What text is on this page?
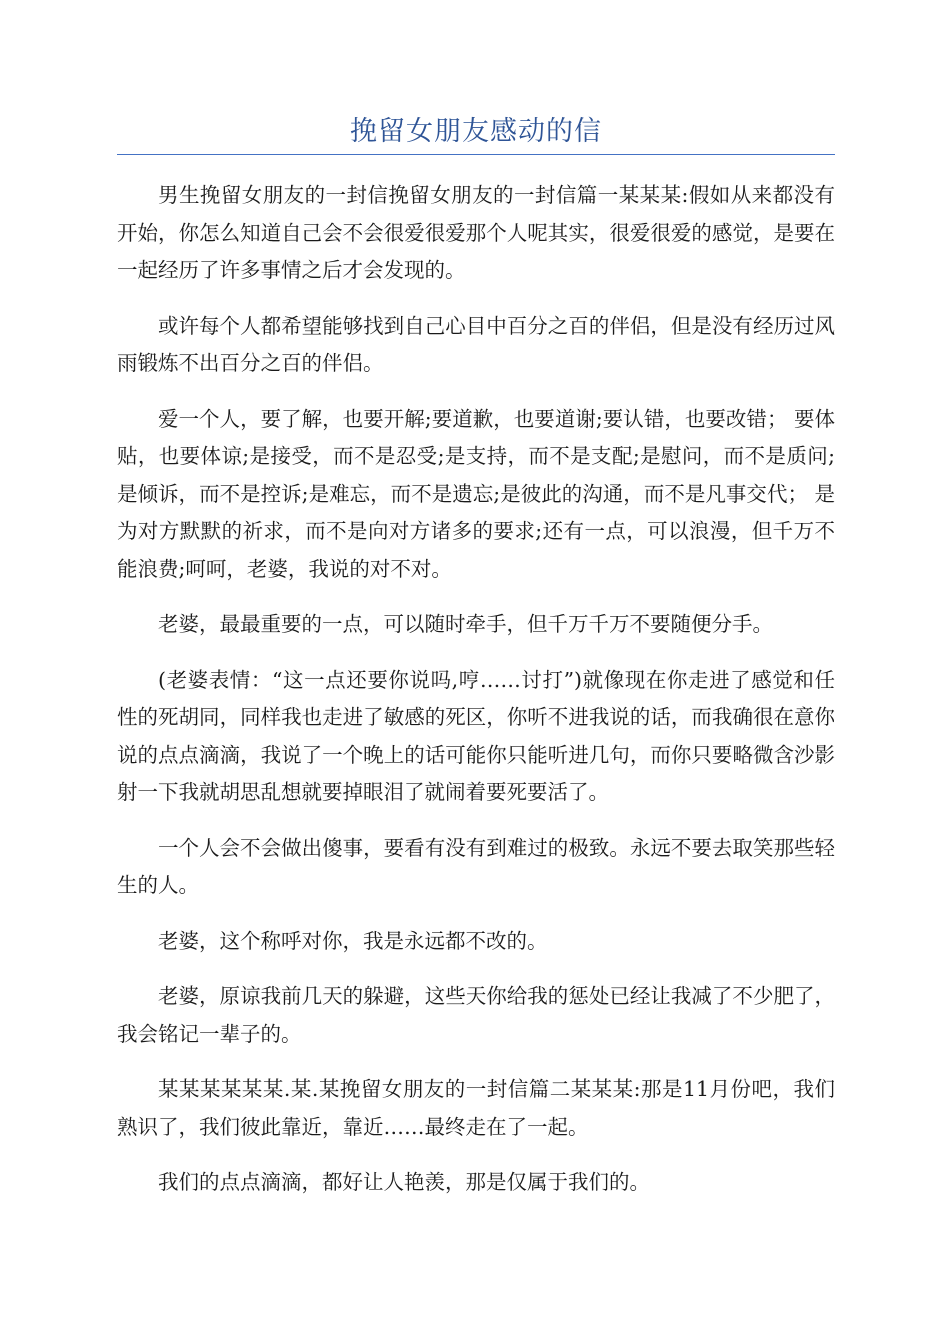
挽留女朋友感动的信

男生挽留女朋友的一封信挽留女朋友的一封信篇一某某某:假如从来都没有开始，你怎么知道自己会不会很爱很爱那个人呢其实，很爱很爱的感觉，是要在一起经历了许多事情之后才会发现的。

或许每个人都希望能够找到自己心目中百分之百的伴侣，但是没有经历过风雨锻炼不出百分之百的伴侣。

爱一个人，要了解，也要开解;要道歉，也要道谢;要认错，也要改错； 要体贴，也要体谅;是接受，而不是忍受;是支持，而不是支配;是慰问，而不是质问;是倾诉，而不是控诉;是难忘，而不是遗忘;是彼此的沟通，而不是凡事交代； 是为对方默默的祈求，而不是向对方诸多的要求;还有一点，可以浪漫，但千万不能浪费;呵呵，老婆，我说的对不对。

老婆，最最重要的一点，可以随时牵手，但千万千万不要随便分手。

(老婆表情：“这一点还要你说吗,哼……讨打”)就像现在你走进了感觉和任性的死胡同，同样我也走进了敏感的死区，你听不进我说的话，而我确很在意你说的点点滴滴，我说了一个晚上的话可能你只能听进几句，而你只要略微含沙影射一下我就胡思乱想就要掉眼泪了就闹着要死要活了。

一个人会不会做出傻事，要看有没有到难过的极致。永远不要去取笑那些轻生的人。

老婆，这个称呼对你，我是永远都不改的。

老婆，原谅我前几天的躲避，这些天你给我的惩处已经让我减了不少肥了，我会铭记一辈子的。

某某某某某某.某.某挽留女朋友的一封信篇二某某某:那是11月份吧，我们熟识了，我们彼此靠近，靠近……最终走在了一起。

我们的点点滴滴，都好让人艳羡，那是仅属于我们的。
